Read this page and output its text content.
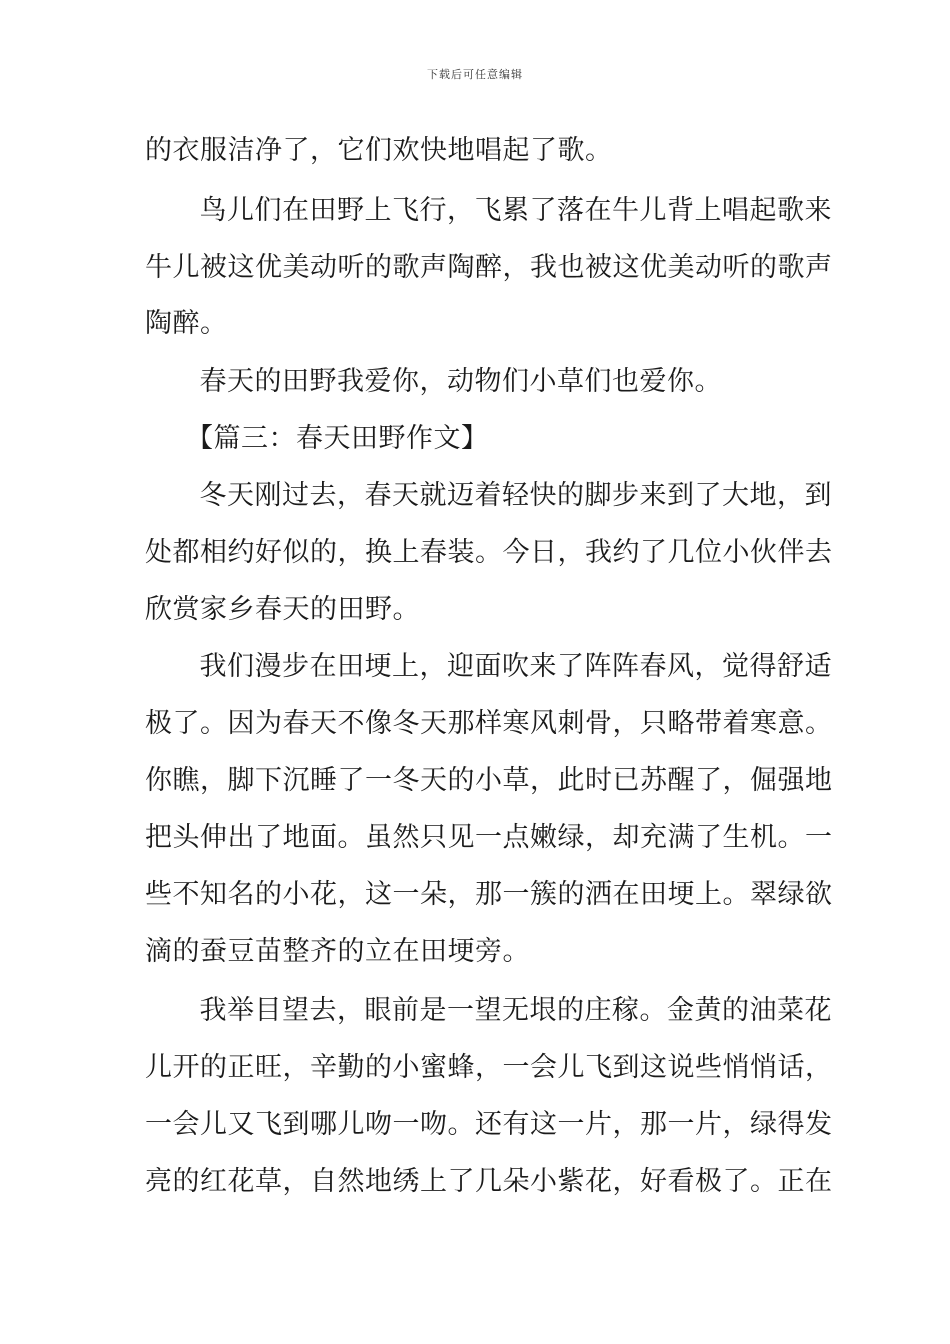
下载后可任意编辑
的衣服洁净了，它们欢快地唱起了歌。
　鸟儿们在田野上飞行，飞累了落在牛儿背上唱起歌来
牛儿被这优美动听的歌声陶醉，我也被这优美动听的歌声
陶醉。
　春天的田野我爱你，动物们小草们也爱你。
　【篇三：春天田野作文】
　冬天刚过去，春天就迈着轻快的脚步来到了大地，到
处都相约好似的，换上春装。今日，我约了几位小伙伴去
欣赏家乡春天的田野。
　我们漫步在田埂上，迎面吹来了阵阵春风，觉得舒适
极了。因为春天不像冬天那样寒风刺骨，只略带着寒意。
你瞧，脚下沉睡了一冬天的小草，此时已苏醒了，倔强地
把头伸出了地面。虽然只见一点嫩绿，却充满了生机。一
些不知名的小花，这一朵，那一簇的洒在田埂上。翠绿欲
滴的蚕豆苗整齐的立在田埂旁。
　我举目望去，眼前是一望无垠的庄稼。金黄的油菜花
儿开的正旺，辛勤的小蜜蜂，一会儿飞到这说些悄悄话，
一会儿又飞到哪儿吻一吻。还有这一片，那一片，绿得发
亮的红花草，自然地绣上了几朵小紫花，好看极了。正在
